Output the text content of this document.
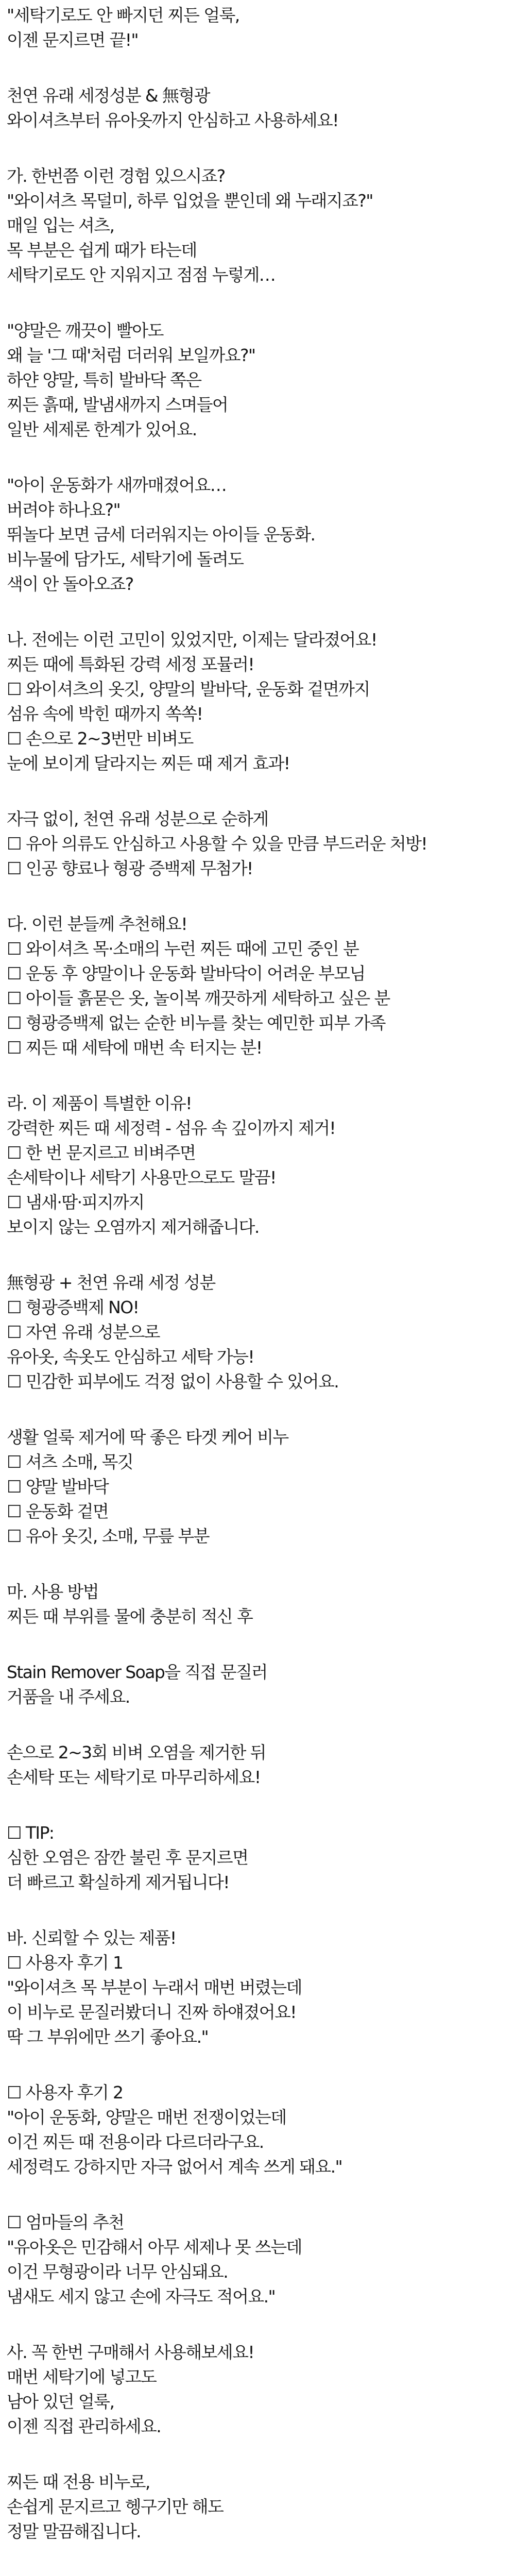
"세탁기로도 안 빠지던 찌든 얼룩,
이젠 문지르면 끝!"
천연 유래 세정성분 & 無형광
와이셔츠부터 유아옷까지 안심하고 사용하세요!
가. 한번쯤 이런 경험 있으시죠?
"와이셔츠 목덜미, 하루 입었을 뿐인데 왜 누래지죠?"
매일 입는 셔츠,
목 부분은 쉽게 때가 타는데
세탁기로도 안 지워지고 점점 누렇게…
"양말은 깨끗이 빨아도
왜 늘 '그 때'처럼 더러워 보일까요?"
하얀 양말, 특히 발바닥 쪽은
찌든 흙때, 발냄새까지 스며들어
일반 세제론 한계가 있어요.
"아이 운동화가 새까매졌어요…
버려야 하나요?"
뛰놀다 보면 금세 더러워지는 아이들 운동화.
비누물에 담가도, 세탁기에 돌려도
색이 안 돌아오죠?
나. 전에는 이런 고민이 있었지만, 이제는 달라졌어요!
찌든 때에 특화된 강력 세정 포뮬러!
☐ 와이셔츠의 옷깃, 양말의 발바닥, 운동화 겉면까지
섬유 속에 박힌 때까지 쏙쏙!
☐ 손으로 2~3번만 비벼도
눈에 보이게 달라지는 찌든 때 제거 효과!
자극 없이, 천연 유래 성분으로 순하게
☐ 유아 의류도 안심하고 사용할 수 있을 만큼 부드러운 처방!
☐ 인공 향료나 형광 증백제 무첨가!
다. 이런 분들께 추천해요!
☐ 와이셔츠 목·소매의 누런 찌든 때에 고민 중인 분
☐ 운동 후 양말이나 운동화 발바닥이 어려운 부모님
☐ 아이들 흙묻은 옷, 놀이복 깨끗하게 세탁하고 싶은 분
☐ 형광증백제 없는 순한 비누를 찾는 예민한 피부 가족
☐ 찌든 때 세탁에 매번 속 터지는 분!
라. 이 제품이 특별한 이유!
강력한 찌든 때 세정력 - 섬유 속 깊이까지 제거!
☐ 한 번 문지르고 비벼주면
손세탁이나 세탁기 사용만으로도 말끔!
☐ 냄새·땀·피지까지
보이지 않는 오염까지 제거해줍니다.
無형광 + 천연 유래 세정 성분
☐ 형광증백제 NO!
☐ 자연 유래 성분으로
유아옷, 속옷도 안심하고 세탁 가능!
☐ 민감한 피부에도 걱정 없이 사용할 수 있어요.
생활 얼룩 제거에 딱 좋은 타겟 케어 비누
☐ 셔츠 소매, 목깃
☐ 양말 발바닥
☐ 운동화 겉면
☐ 유아 옷깃, 소매, 무릎 부분
마. 사용 방법
찌든 때 부위를 물에 충분히 적신 후
Stain Remover Soap을 직접 문질러
거품을 내 주세요.
손으로 2~3회 비벼 오염을 제거한 뒤
손세탁 또는 세탁기로 마무리하세요!
☐ TIP:
심한 오염은 잠깐 불린 후 문지르면
더 빠르고 확실하게 제거됩니다!
바. 신뢰할 수 있는 제품!
☐ 사용자 후기 1
"와이셔츠 목 부분이 누래서 매번 버렸는데
이 비누로 문질러봤더니 진짜 하얘졌어요!
딱 그 부위에만 쓰기 좋아요."
☐ 사용자 후기 2
"아이 운동화, 양말은 매번 전쟁이었는데
이건 찌든 때 전용이라 다르더라구요.
세정력도 강하지만 자극 없어서 계속 쓰게 돼요."
☐ 엄마들의 추천
"유아옷은 민감해서 아무 세제나 못 쓰는데
이건 무형광이라 너무 안심돼요.
냄새도 세지 않고 손에 자극도 적어요."
사. 꼭 한번 구매해서 사용해보세요!
매번 세탁기에 넣고도
남아 있던 얼룩,
이젠 직접 관리하세요.
찌든 때 전용 비누로,
손쉽게 문지르고 헹구기만 해도
정말 말끔해집니다.
